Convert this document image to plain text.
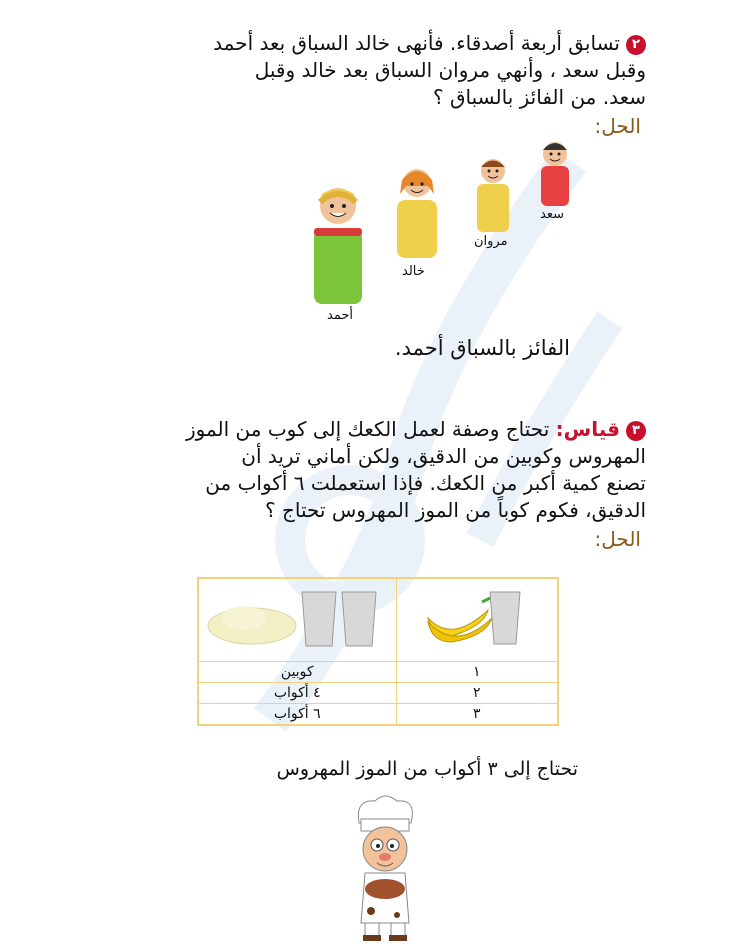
٢تسابق أربعة أصدقاء. فأنهى خالد السباق بعد أحمد
وقبل سعد ، وأنهي مروان السباق بعد خالد وقبل
سعد. من الفائز بالسباق ؟
الحل:
سعد
مروان
خالد
أحمد
الفائز بالسباق أحمد.
٣قياس: تحتاج وصفة لعمل الكعك إلى كوب من الموز
المهروس وكوبين من الدقيق، ولكن أماني تريد أن
تصنع كمية أكبر من الكعك. فإذا استعملت ٦ أكواب من
الدقيق، فكوم كوباً من الموز المهروس تحتاج ؟
الحل:

١	كوبين
٢	٤ أكواب
٣	٦ أكواب
تحتاج إلى ٣ أكواب من الموز المهروس
